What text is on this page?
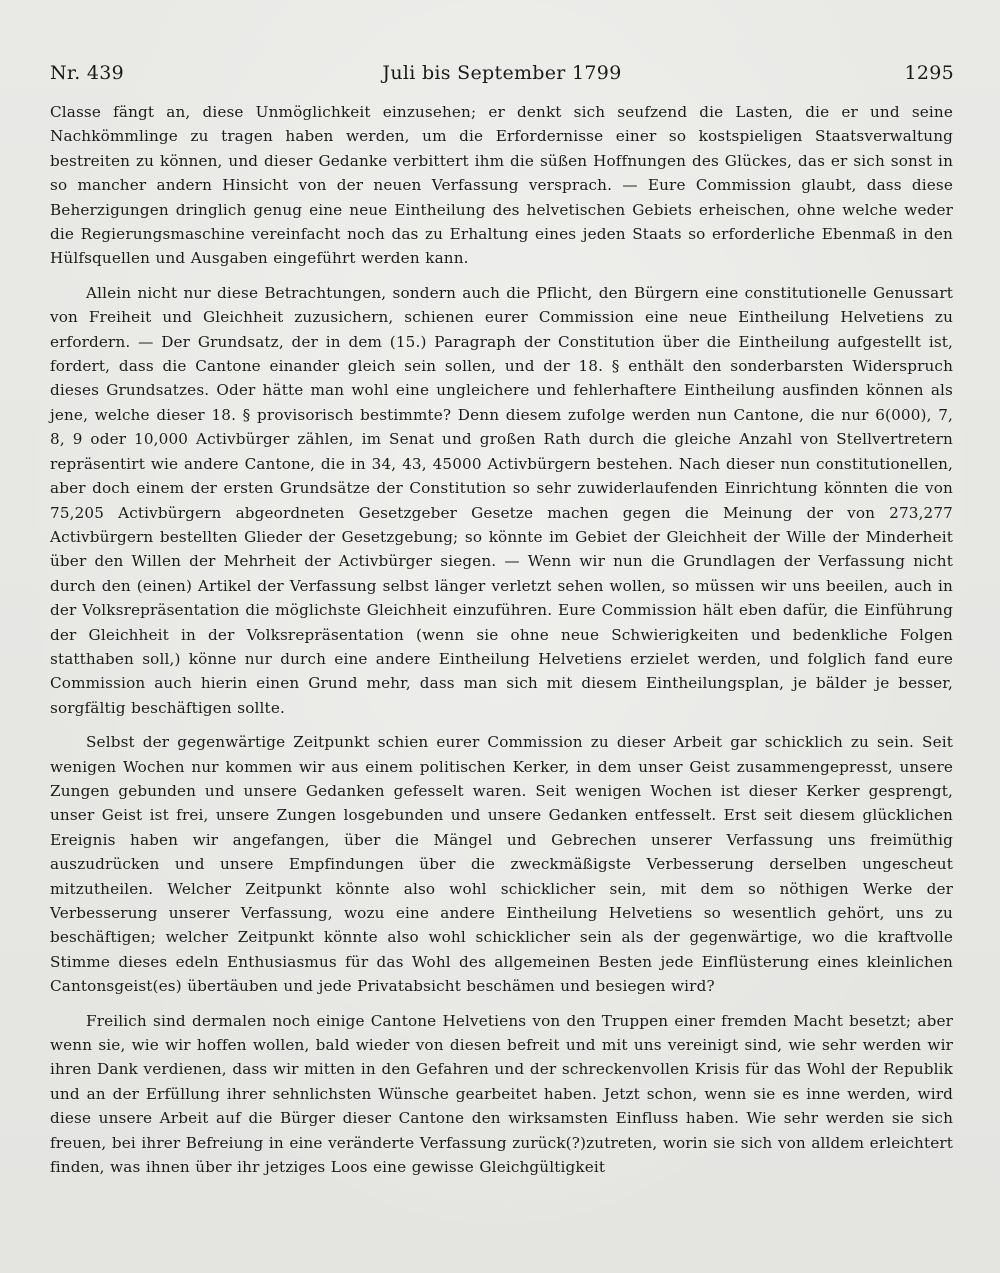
Nr. 439	Juli bis September 1799	1295

Classe fängt an, diese Unmöglichkeit einzusehen; er denkt sich seufzend die Lasten, die er und seine Nachkömmlinge zu tragen haben werden, um die Erfordernisse einer so kostspieligen Staatsverwaltung bestreiten zu können, und dieser Gedanke verbittert ihm die süßen Hoffnungen des Glückes, das er sich sonst in so mancher andern Hinsicht von der neuen Verfassung versprach. — Eure Commission glaubt, dass diese Beherzigungen dringlich genug eine neue Eintheilung des helvetischen Gebiets erheischen, ohne welche weder die Regierungsmaschine vereinfacht noch das zu Erhaltung eines jeden Staats so erforderliche Ebenmaß in den Hülfsquellen und Ausgaben eingeführt werden kann.

Allein nicht nur diese Betrachtungen, sondern auch die Pflicht, den Bürgern eine constitutionelle Genussart von Freiheit und Gleichheit zuzusichern, schienen eurer Commission eine neue Eintheilung Helvetiens zu erfordern. — Der Grundsatz, der in dem (15.) Paragraph der Constitution über die Eintheilung aufgestellt ist, fordert, dass die Cantone einander gleich sein sollen, und der 18. § enthält den sonderbarsten Widerspruch dieses Grundsatzes. Oder hätte man wohl eine ungleichere und fehlerhaftere Eintheilung ausfinden können als jene, welche dieser 18. § provisorisch bestimmte? Denn diesem zufolge werden nun Cantone, die nur 6(000), 7, 8, 9 oder 10,000 Activbürger zählen, im Senat und großen Rath durch die gleiche Anzahl von Stellvertretern repräsentirt wie andere Cantone, die in 34, 43, 45000 Activbürgern bestehen. Nach dieser nun constitutionellen, aber doch einem der ersten Grundsätze der Constitution so sehr zuwiderlaufenden Einrichtung könnten die von 75,205 Activbürgern abgeordneten Gesetzgeber Gesetze machen gegen die Meinung der von 273,277 Activbürgern bestellten Glieder der Gesetzgebung; so könnte im Gebiet der Gleichheit der Wille der Minderheit über den Willen der Mehrheit der Activbürger siegen. — Wenn wir nun die Grundlagen der Verfassung nicht durch den (einen) Artikel der Verfassung selbst länger verletzt sehen wollen, so müssen wir uns beeilen, auch in der Volksrepräsentation die möglichste Gleichheit einzuführen. Eure Commission hält eben dafür, die Einführung der Gleichheit in der Volksrepräsentation (wenn sie ohne neue Schwierigkeiten und bedenkliche Folgen statthaben soll,) könne nur durch eine andere Eintheilung Helvetiens erzielet werden, und folglich fand eure Commission auch hierin einen Grund mehr, dass man sich mit diesem Eintheilungsplan, je bälder je besser, sorgfältig beschäftigen sollte.

Selbst der gegenwärtige Zeitpunkt schien eurer Commission zu dieser Arbeit gar schicklich zu sein. Seit wenigen Wochen nur kommen wir aus einem politischen Kerker, in dem unser Geist zusammengepresst, unsere Zungen gebunden und unsere Gedanken gefesselt waren. Seit wenigen Wochen ist dieser Kerker gesprengt, unser Geist ist frei, unsere Zungen losgebunden und unsere Gedanken entfesselt. Erst seit diesem glücklichen Ereignis haben wir angefangen, über die Mängel und Gebrechen unserer Verfassung uns freimüthig auszudrücken und unsere Empfindungen über die zweckmäßigste Verbesserung derselben ungescheut mitzutheilen. Welcher Zeitpunkt könnte also wohl schicklicher sein, mit dem so nöthigen Werke der Verbesserung unserer Verfassung, wozu eine andere Eintheilung Helvetiens so wesentlich gehört, uns zu beschäftigen; welcher Zeitpunkt könnte also wohl schicklicher sein als der gegenwärtige, wo die kraftvolle Stimme dieses edeln Enthusiasmus für das Wohl des allgemeinen Besten jede Einflüsterung eines kleinlichen Cantonsgeist(es) übertäuben und jede Privatabsicht beschämen und besiegen wird?

Freilich sind dermalen noch einige Cantone Helvetiens von den Truppen einer fremden Macht besetzt; aber wenn sie, wie wir hoffen wollen, bald wieder von diesen befreit und mit uns vereinigt sind, wie sehr werden wir ihren Dank verdienen, dass wir mitten in den Gefahren und der schreckenvollen Krisis für das Wohl der Republik und an der Erfüllung ihrer sehnlichsten Wünsche gearbeitet haben. Jetzt schon, wenn sie es inne werden, wird diese unsere Arbeit auf die Bürger dieser Cantone den wirksamsten Einfluss haben. Wie sehr werden sie sich freuen, bei ihrer Befreiung in eine veränderte Verfassung zurück(?)zutreten, worin sie sich von alldem erleichtert finden, was ihnen über ihr jetziges Loos eine gewisse Gleichgültigkeit
